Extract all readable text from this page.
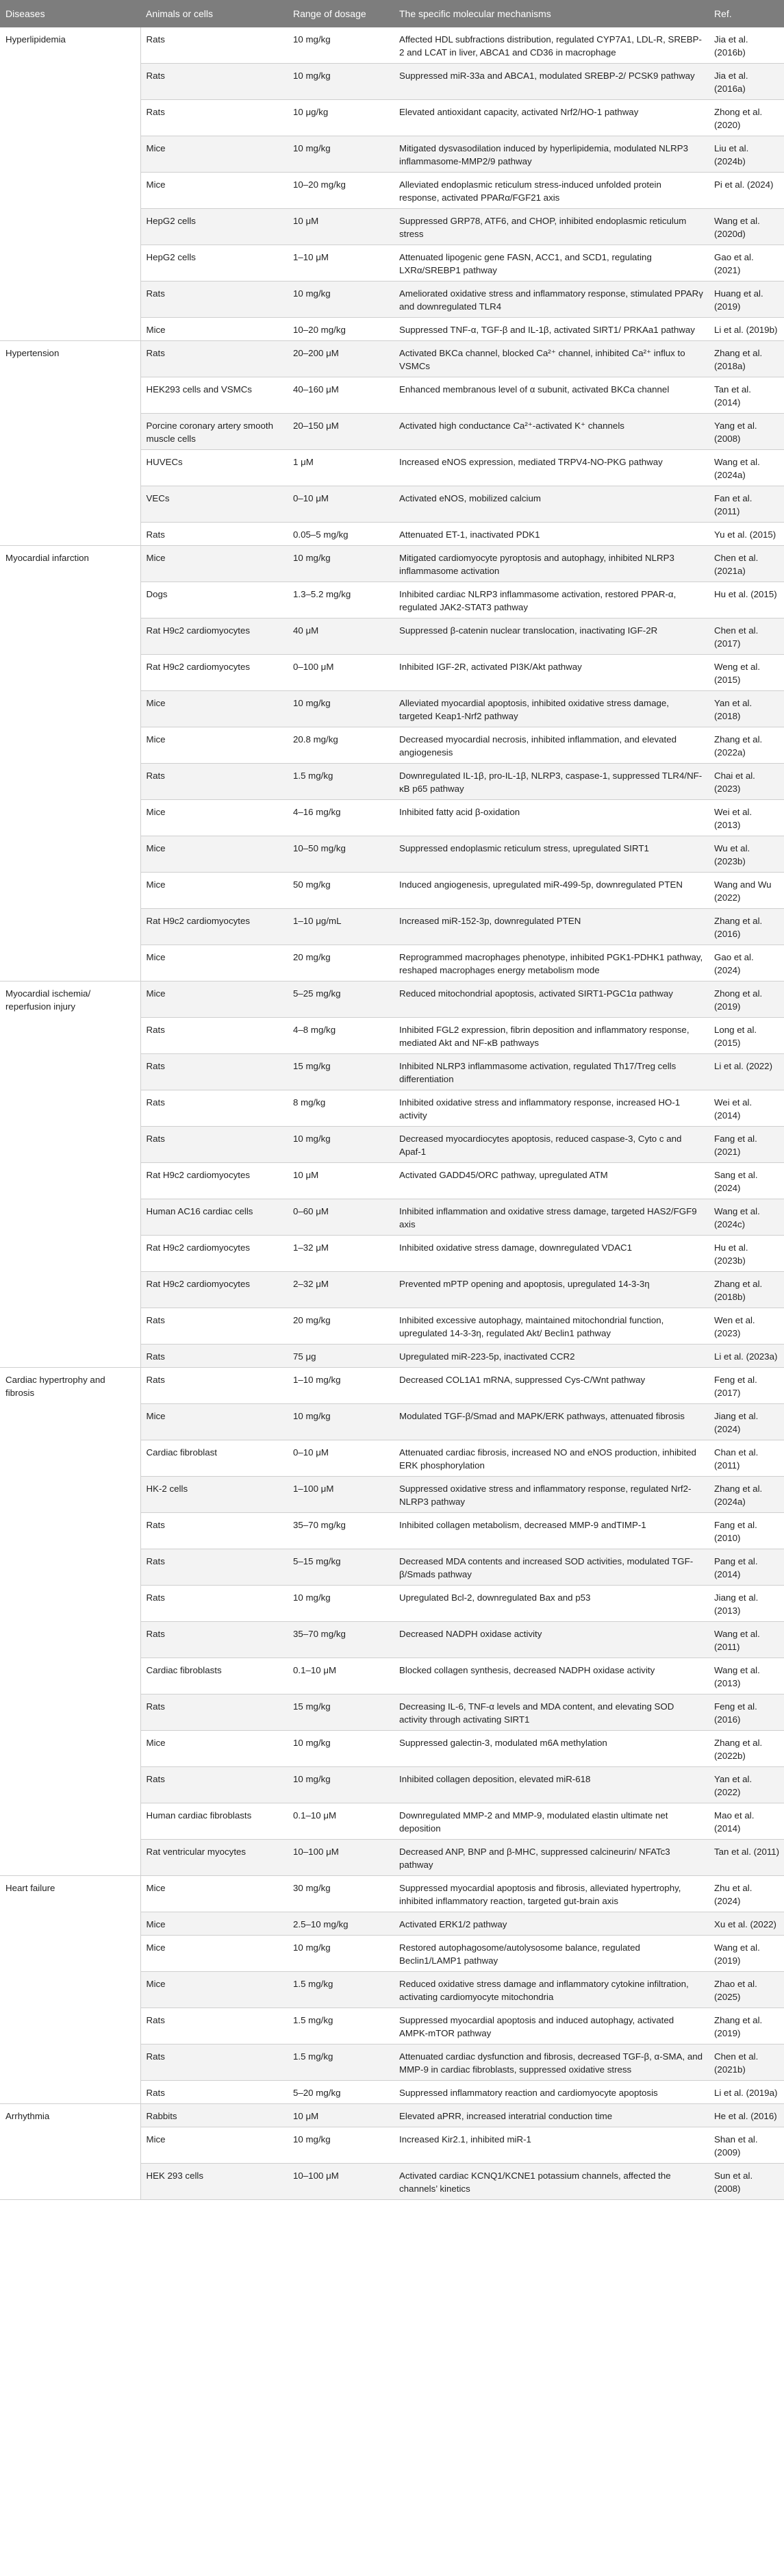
Diseases	Animals or cells	Range of dosage	The specific molecular mechanisms	Ref.
Hyperlipidemia	Rats	10 mg/kg	Affected HDL subfractions distribution, regulated CYP7A1, LDL-R, SREBP-2 and LCAT in liver, ABCA1 and CD36 in macrophage	Jia et al. (2016b)
	Rats	10 mg/kg	Suppressed miR-33a and ABCA1, modulated SREBP-2/ PCSK9 pathway	Jia et al. (2016a)
	Rats	10 μg/kg	Elevated antioxidant capacity, activated Nrf2/HO-1 pathway	Zhong et al. (2020)
	Mice	10 mg/kg	Mitigated dysvasodilation induced by hyperlipidemia, modulated NLRP3 inflammasome-MMP2/9 pathway	Liu et al. (2024b)
	Mice	10–20 mg/kg	Alleviated endoplasmic reticulum stress-induced unfolded protein response, activated PPARα/FGF21 axis	Pi et al. (2024)
	HepG2 cells	10 μM	Suppressed GRP78, ATF6, and CHOP, inhibited endoplasmic reticulum stress	Wang et al. (2020d)
	HepG2 cells	1–10 μM	Attenuated lipogenic gene FASN, ACC1, and SCD1, regulating LXRα/SREBP1 pathway	Gao et al. (2021)
	Rats	10 mg/kg	Ameliorated oxidative stress and inflammatory response, stimulated PPARγ and downregulated TLR4	Huang et al. (2019)
	Mice	10–20 mg/kg	Suppressed TNF-α, TGF-β and IL-1β, activated SIRT1/ PRKAa1 pathway	Li et al. (2019b)
Hypertension	Rats	20–200 μM	Activated BKCa channel, blocked Ca²⁺ channel, inhibited Ca²⁺ influx to VSMCs	Zhang et al. (2018a)
	HEK293 cells and VSMCs	40–160 μM	Enhanced membranous level of α subunit, activated BKCa channel	Tan et al. (2014)
	Porcine coronary artery smooth muscle cells	20–150 μM	Activated high conductance Ca²⁺-activated K⁺ channels	Yang et al. (2008)
	HUVECs	1 μM	Increased eNOS expression, mediated TRPV4-NO-PKG pathway	Wang et al. (2024a)
	VECs	0–10 μM	Activated eNOS, mobilized calcium	Fan et al. (2011)
	Rats	0.05–5 mg/kg	Attenuated ET-1, inactivated PDK1	Yu et al. (2015)
Myocardial infarction	Mice	10 mg/kg	Mitigated cardiomyocyte pyroptosis and autophagy, inhibited NLRP3 inflammasome activation	Chen et al. (2021a)
	Dogs	1.3–5.2 mg/kg	Inhibited cardiac NLRP3 inflammasome activation, restored PPAR-α, regulated JAK2-STAT3 pathway	Hu et al. (2015)
	Rat H9c2 cardiomyocytes	40 μM	Suppressed β-catenin nuclear translocation, inactivating IGF-2R	Chen et al. (2017)
	Rat H9c2 cardiomyocytes	0–100 μM	Inhibited IGF-2R, activated PI3K/Akt pathway	Weng et al. (2015)
	Mice	10 mg/kg	Alleviated myocardial apoptosis, inhibited oxidative stress damage, targeted Keap1-Nrf2 pathway	Yan et al. (2018)
	Mice	20.8 mg/kg	Decreased myocardial necrosis, inhibited inflammation, and elevated angiogenesis	Zhang et al. (2022a)
	Rats	1.5 mg/kg	Downregulated IL-1β, pro-IL-1β, NLRP3, caspase-1, suppressed TLR4/NF-κB p65 pathway	Chai et al. (2023)
	Mice	4–16 mg/kg	Inhibited fatty acid β-oxidation	Wei et al. (2013)
	Mice	10–50 mg/kg	Suppressed endoplasmic reticulum stress, upregulated SIRT1	Wu et al. (2023b)
	Mice	50 mg/kg	Induced angiogenesis, upregulated miR-499-5p, downregulated PTEN	Wang and Wu (2022)
	Rat H9c2 cardiomyocytes	1–10 μg/mL	Increased miR-152-3p, downregulated PTEN	Zhang et al. (2016)
	Mice	20 mg/kg	Reprogrammed macrophages phenotype, inhibited PGK1-PDHK1 pathway, reshaped macrophages energy metabolism mode	Gao et al. (2024)
Myocardial ischemia/ reperfusion injury	Mice	5–25 mg/kg	Reduced mitochondrial apoptosis, activated SIRT1-PGC1α pathway	Zhong et al. (2019)
	Rats	4–8 mg/kg	Inhibited FGL2 expression, fibrin deposition and inflammatory response, mediated Akt and NF-κB pathways	Long et al. (2015)
	Rats	15 mg/kg	Inhibited NLRP3 inflammasome activation, regulated Th17/Treg cells differentiation	Li et al. (2022)
	Rats	8 mg/kg	Inhibited oxidative stress and inflammatory response, increased HO-1 activity	Wei et al. (2014)
	Rats	10 mg/kg	Decreased myocardiocytes apoptosis, reduced caspase-3, Cyto c and Apaf-1	Fang et al. (2021)
	Rat H9c2 cardiomyocytes	10 μM	Activated GADD45/ORC pathway, upregulated ATM	Sang et al. (2024)
	Human AC16 cardiac cells	0–60 μM	Inhibited inflammation and oxidative stress damage, targeted HAS2/FGF9 axis	Wang et al. (2024c)
	Rat H9c2 cardiomyocytes	1–32 μM	Inhibited oxidative stress damage, downregulated VDAC1	Hu et al. (2023b)
	Rat H9c2 cardiomyocytes	2–32 μM	Prevented mPTP opening and apoptosis, upregulated 14-3-3η	Zhang et al. (2018b)
	Rats	20 mg/kg	Inhibited excessive autophagy, maintained mitochondrial function, upregulated 14-3-3η, regulated Akt/ Beclin1 pathway	Wen et al. (2023)
	Rats	75 μg	Upregulated miR-223-5p, inactivated CCR2	Li et al. (2023a)
Cardiac hypertrophy and fibrosis	Rats	1–10 mg/kg	Decreased COL1A1 mRNA, suppressed Cys-C/Wnt pathway	Feng et al. (2017)
	Mice	10 mg/kg	Modulated TGF-β/Smad and MAPK/ERK pathways, attenuated fibrosis	Jiang et al. (2024)
	Cardiac fibroblast	0–10 μM	Attenuated cardiac fibrosis, increased NO and eNOS production, inhibited ERK phosphorylation	Chan et al. (2011)
	HK-2 cells	1–100 μM	Suppressed oxidative stress and inflammatory response, regulated Nrf2-NLRP3 pathway	Zhang et al. (2024a)
	Rats	35–70 mg/kg	Inhibited collagen metabolism, decreased MMP-9 andTIMP-1	Fang et al. (2010)
	Rats	5–15 mg/kg	Decreased MDA contents and increased SOD activities, modulated TGF-β/Smads pathway	Pang et al. (2014)
	Rats	10 mg/kg	Upregulated Bcl-2, downregulated Bax and p53	Jiang et al. (2013)
	Rats	35–70 mg/kg	Decreased NADPH oxidase activity	Wang et al. (2011)
	Cardiac fibroblasts	0.1–10 μM	Blocked collagen synthesis, decreased NADPH oxidase activity	Wang et al. (2013)
	Rats	15 mg/kg	Decreasing IL-6, TNF-α levels and MDA content, and elevating SOD activity through activating SIRT1	Feng et al. (2016)
	Mice	10 mg/kg	Suppressed galectin-3, modulated m6A methylation	Zhang et al. (2022b)
	Rats	10 mg/kg	Inhibited collagen deposition, elevated miR-618	Yan et al. (2022)
	Human cardiac fibroblasts	0.1–10 μM	Downregulated MMP-2 and MMP-9, modulated elastin ultimate net deposition	Mao et al. (2014)
	Rat ventricular myocytes	10–100 μM	Decreased ANP, BNP and β-MHC, suppressed calcineurin/ NFATc3 pathway	Tan et al. (2011)
Heart failure	Mice	30 mg/kg	Suppressed myocardial apoptosis and fibrosis, alleviated hypertrophy, inhibited inflammatory reaction, targeted gut-brain axis	Zhu et al. (2024)
	Mice	2.5–10 mg/kg	Activated ERK1/2 pathway	Xu et al. (2022)
	Mice	10 mg/kg	Restored autophagosome/autolysosome balance, regulated Beclin1/LAMP1 pathway	Wang et al. (2019)
	Mice	1.5 mg/kg	Reduced oxidative stress damage and inflammatory cytokine infiltration, activating cardiomyocyte mitochondria	Zhao et al. (2025)
	Rats	1.5 mg/kg	Suppressed myocardial apoptosis and induced autophagy, activated AMPK-mTOR pathway	Zhang et al. (2019)
	Rats	1.5 mg/kg	Attenuated cardiac dysfunction and fibrosis, decreased TGF-β, α-SMA, and MMP-9 in cardiac fibroblasts, suppressed oxidative stress	Chen et al. (2021b)
	Rats	5–20 mg/kg	Suppressed inflammatory reaction and cardiomyocyte apoptosis	Li et al. (2019a)
Arrhythmia	Rabbits	10 μM	Elevated aPRR, increased interatrial conduction time	He et al. (2016)
	Mice	10 mg/kg	Increased Kir2.1, inhibited miR-1	Shan et al. (2009)
	HEK 293 cells	10–100 μM	Activated cardiac KCNQ1/KCNE1 potassium channels, affected the channels’ kinetics	Sun et al. (2008)
